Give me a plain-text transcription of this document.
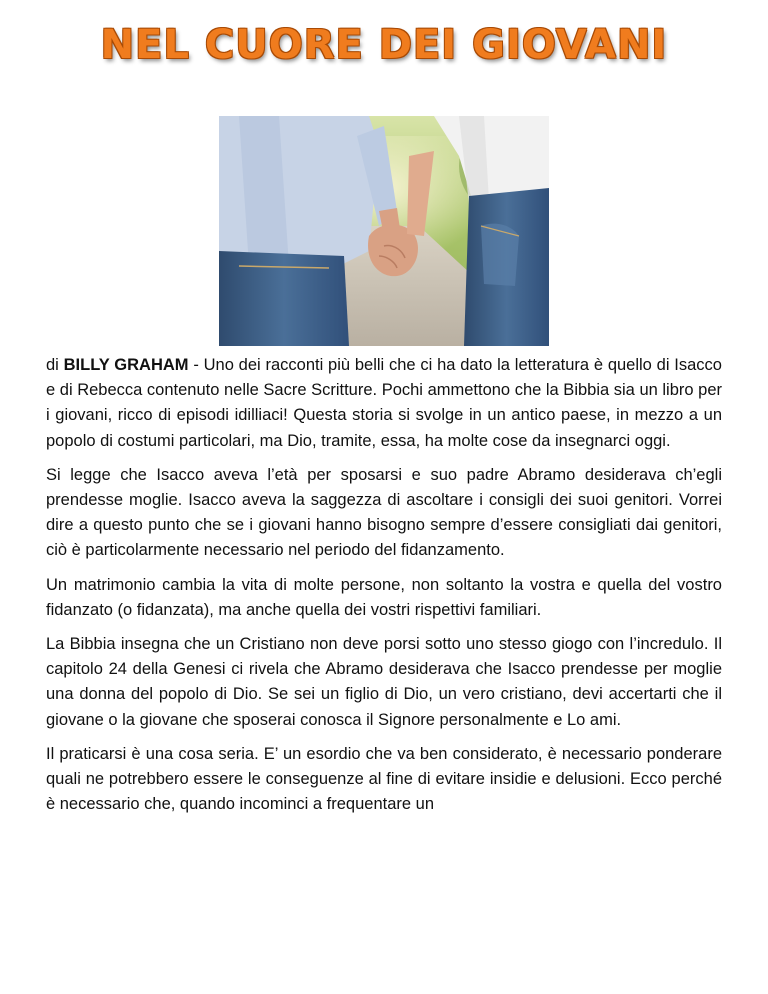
NEL CUORE DEI GIOVANI

di BILLY GRAHAM - Uno dei racconti più belli che ci ha dato la letteratura è quello di Isacco e di Rebecca contenuto nelle Sacre Scritture. Pochi ammettono che la Bibbia sia un libro per i giovani, ricco di episodi idilliaci! Questa storia si svolge in un antico paese, in mezzo a un popolo di costumi particolari, ma Dio, tramite, essa, ha molte cose da insegnarci oggi.

Si legge che Isacco aveva l’età per sposarsi e suo padre Abramo desiderava ch’egli prendesse moglie. Isacco aveva la saggezza di ascoltare i consigli dei suoi genitori. Vorrei dire a questo punto che se i giovani hanno bisogno sempre d’essere consigliati dai genitori, ciò è particolarmente necessario nel periodo del fidanzamento.

Un matrimonio cambia la vita di molte persone, non soltanto la vostra e quella del vostro fidanzato (o fidanzata), ma anche quella dei vostri rispettivi familiari.

La Bibbia insegna che un Cristiano non deve porsi sotto uno stesso giogo con l’incredulo. Il capitolo 24 della Genesi ci rivela che Abramo desiderava che Isacco prendesse per moglie una donna del popolo di Dio. Se sei un figlio di Dio, un vero cristiano, devi accertarti che il giovane o la giovane che sposerai conosca il Signore personalmente e Lo ami.

Il praticarsi è una cosa seria. E’ un esordio che va ben considerato, è necessario ponderare quali ne potrebbero essere le conseguenze al fine di evitare insidie e delusioni. Ecco perché è necessario che, quando incominci a frequentare un
